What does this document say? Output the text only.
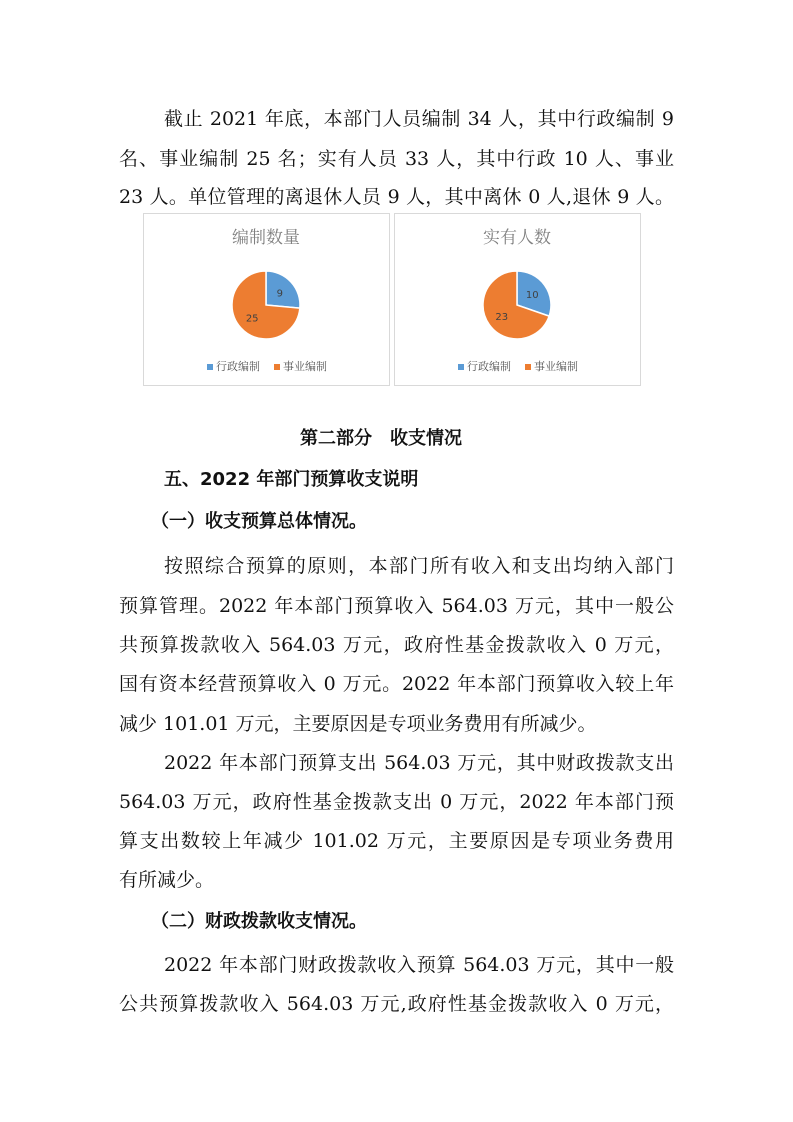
截止 2021 年底，本部门人员编制 34 人，其中行政编制 9
名、事业编制 25 名；实有人员 33 人，其中行政 10 人、事业
23 人。单位管理的离退休人员 9 人，其中离休 0 人,退休 9 人。
编制数量
9
25
行政编制 事业编制
实有人数
10
23
行政编制 事业编制
第二部分　收支情况
五、2022 年部门预算收支说明
（一）收支预算总体情况。
按照综合预算的原则，本部门所有收入和支出均纳入部门
预算管理。2022 年本部门预算收入 564.03 万元，其中一般公
共预算拨款收入 564.03 万元，政府性基金拨款收入 0 万元，
国有资本经营预算收入 0 万元。2022 年本部门预算收入较上年
减少 101.01 万元，主要原因是专项业务费用有所减少。
2022 年本部门预算支出 564.03 万元，其中财政拨款支出
564.03 万元，政府性基金拨款支出 0 万元，2022 年本部门预
算支出数较上年减少 101.02 万元，主要原因是专项业务费用
有所减少。
（二）财政拨款收支情况。
2022 年本部门财政拨款收入预算 564.03 万元，其中一般
公共预算拨款收入 564.03 万元,政府性基金拨款收入 0 万元，
